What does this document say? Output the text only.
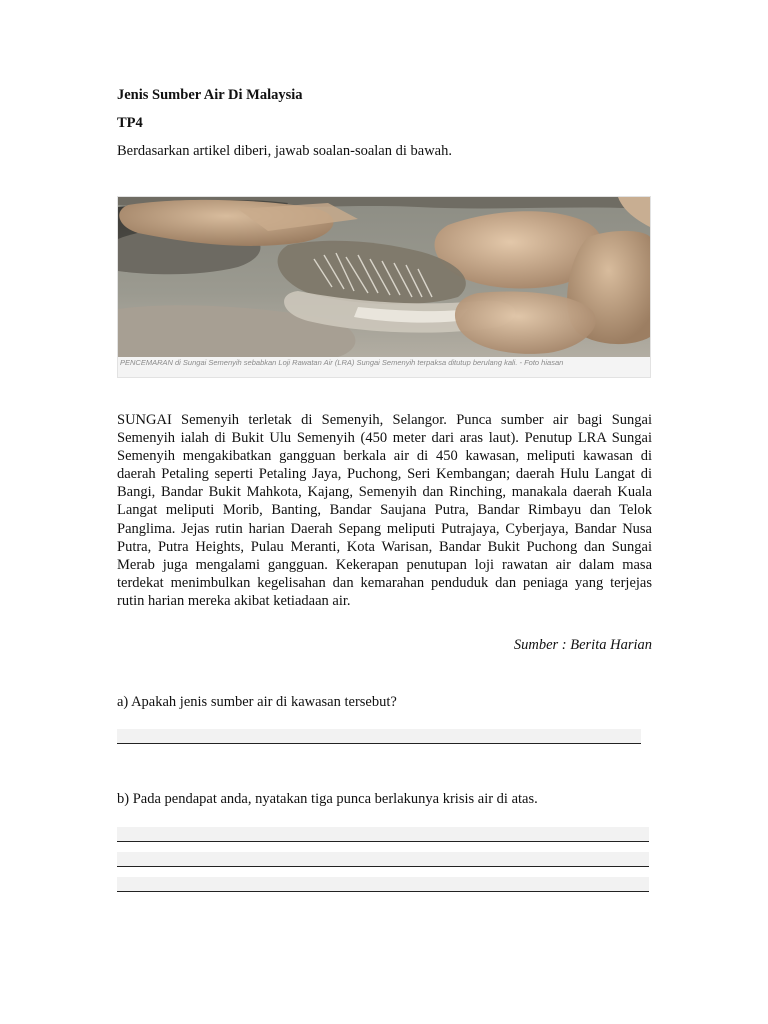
Jenis Sumber Air Di Malaysia
TP4
Berdasarkan artikel diberi, jawab soalan-soalan di bawah.
PENCEMARAN di Sungai Semenyih sebabkan Loji Rawatan Air (LRA) Sungai Semenyih terpaksa ditutup berulang kali. - Foto hiasan

SUNGAI Semenyih terletak di Semenyih, Selangor. Punca sumber air bagi Sungai Semenyih ialah di Bukit Ulu Semenyih (450 meter dari aras laut). Penutup LRA Sungai Semenyih mengakibatkan gangguan berkala air di 450 kawasan, meliputi kawasan di daerah Petaling seperti Petaling Jaya, Puchong, Seri Kembangan; daerah Hulu Langat di Bangi, Bandar Bukit Mahkota, Kajang, Semenyih dan Rinching, manakala daerah Kuala Langat meliputi Morib, Banting, Bandar Saujana Putra, Bandar Rimbayu dan Telok Panglima. Jejas rutin harian Daerah Sepang meliputi Putrajaya, Cyberjaya, Bandar Nusa Putra, Putra Heights, Pulau Meranti, Kota Warisan, Bandar Bukit Puchong dan Sungai Merab juga mengalami gangguan. Kekerapan penutupan loji rawatan air dalam masa terdekat menimbulkan kegelisahan dan kemarahan penduduk dan peniaga yang terjejas rutin harian mereka akibat ketiadaan air.

Sumber : Berita Harian
a) Apakah jenis sumber air di kawasan tersebut?
b) Pada pendapat anda, nyatakan tiga punca berlakunya krisis air di atas.
